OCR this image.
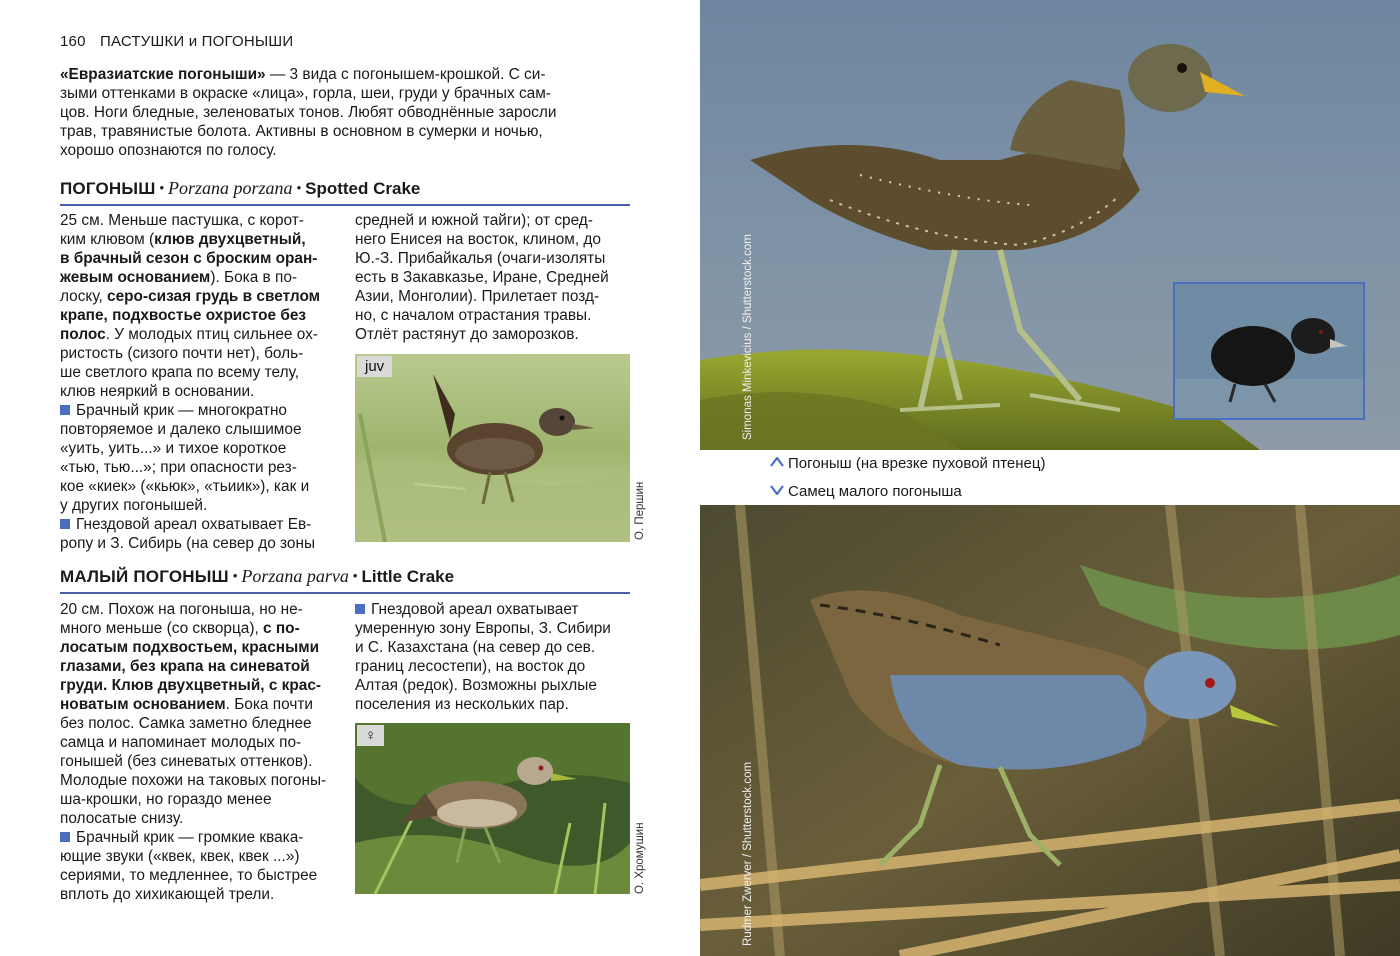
160 ПАСТУШКИ и ПОГОНЫШИ
«Евразиатские погоныши» — 3 вида с погонышем-крошкой. С си-
зыми оттенками в окраске «лица», горла, шеи, груди у брачных сам-
цов. Ноги бледные, зеленоватых тонов. Любят обводнённые заросли
трав, травянистые болота. Активны в основном в сумерки и ночью,
хорошо опознаются по голосу.
ПОГОНЫШ • Porzana porzana • Spotted Crake
25 см. Меньше пастушка, с корот-
ким клювом (клюв двухцветный,
в брачный сезон с броским оран-
жевым основанием). Бока в по-
лоску, серо-сизая грудь в светлом
крапе, подхвостье охристое без
полос. У молодых птиц сильнее ох-
ристость (сизого почти нет), боль-
ше светлого крапа по всему телу,
клюв неяркий в основании.
Брачный крик — многократно
повторяемое и далеко слышимое
«уить, уить...» и тихое короткое
«тью, тью...»; при опасности рез-
кое «киек» («кьюк», «тьиик»), как и
у других погонышей.
Гнездовой ареал охватывает Ев-
ропу и З. Сибирь (на север до зоны
средней и южной тайги); от сред-
него Енисея на восток, клином, до
Ю.-З. Прибайкалья (очаги-изоляты
есть в Закавказье, Иране, Средней
Азии, Монголии). Прилетает позд-
но, с началом отрастания травы.
Отлёт растянут до заморозков.
juv
О. Першин
МАЛЫЙ ПОГОНЫШ • Porzana parva • Little Crake
20 см. Похож на погоныша, но не-
много меньше (со скворца), с по-
лосатым подхвостьем, красными
глазами, без крапа на синеватой
груди. Клюв двухцветный, с крас-
новатым основанием. Бока почти
без полос. Самка заметно бледнее
самца и напоминает молодых по-
гонышей (без синеватых оттенков).
Молодые похожи на таковых погоны-
ша-крошки, но гораздо менее
полосатые снизу.
Брачный крик — громкие квака-
ющие звуки («квек, квек, квек ...»)
сериями, то медленнее, то быстрее
вплоть до хихикающей трели.
Гнездовой ареал охватывает
умеренную зону Европы, З. Сибири
и С. Казахстана (на север до сев.
границ лесостепи), на восток до
Алтая (редок). Возможны рыхлые
поселения из нескольких пар.
♀
О. Хромушин
Simonas Minkevicius / Shutterstock.com
Погоныш (на врезке пуховой птенец)
Самец малого погоныша
Rudmer Zwerver / Shutterstock.com
